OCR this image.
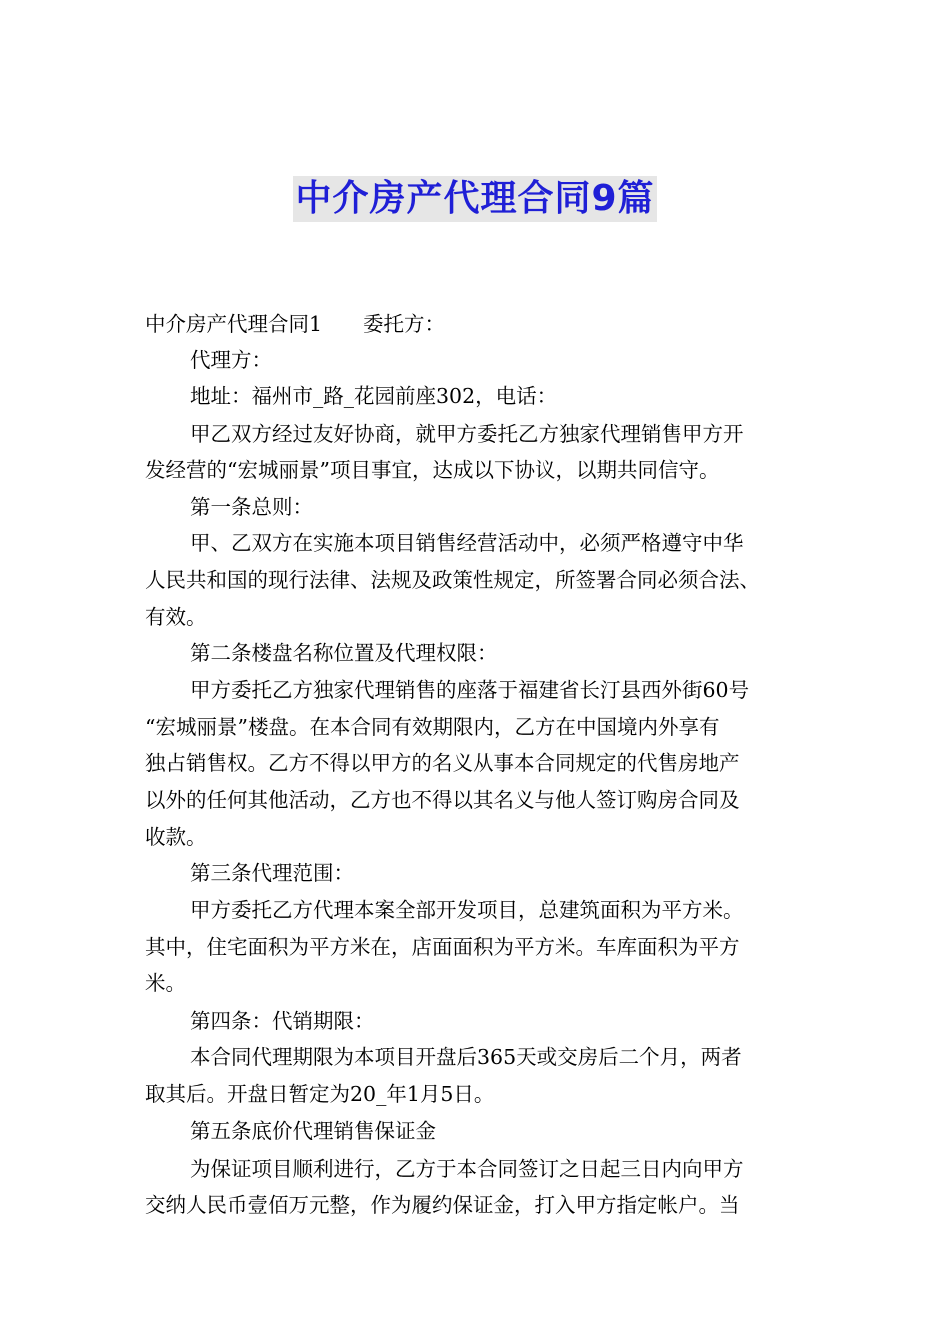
中介房产代理合同9篇
中介房产代理合同1　　委托方：
代理方：
地址：福州市_路_花园前座302，电话：
甲乙双方经过友好协商，就甲方委托乙方独家代理销售甲方开
发经营的“宏城丽景”项目事宜，达成以下协议，以期共同信守。
第一条总则：
甲、乙双方在实施本项目销售经营活动中，必须严格遵守中华
人民共和国的现行法律、法规及政策性规定，所签署合同必须合法、
有效。
第二条楼盘名称位置及代理权限：
甲方委托乙方独家代理销售的座落于福建省长汀县西外街60号
“宏城丽景”楼盘。在本合同有效期限内，乙方在中国境内外享有
独占销售权。乙方不得以甲方的名义从事本合同规定的代售房地产
以外的任何其他活动，乙方也不得以其名义与他人签订购房合同及
收款。
第三条代理范围：
甲方委托乙方代理本案全部开发项目，总建筑面积为平方米。
其中，住宅面积为平方米在，店面面积为平方米。车库面积为平方
米。
第四条：代销期限：
本合同代理期限为本项目开盘后365天或交房后二个月，两者
取其后。开盘日暂定为20_年1月5日。
第五条底价代理销售保证金
为保证项目顺利进行，乙方于本合同签订之日起三日内向甲方
交纳人民币壹佰万元整，作为履约保证金，打入甲方指定帐户。当
